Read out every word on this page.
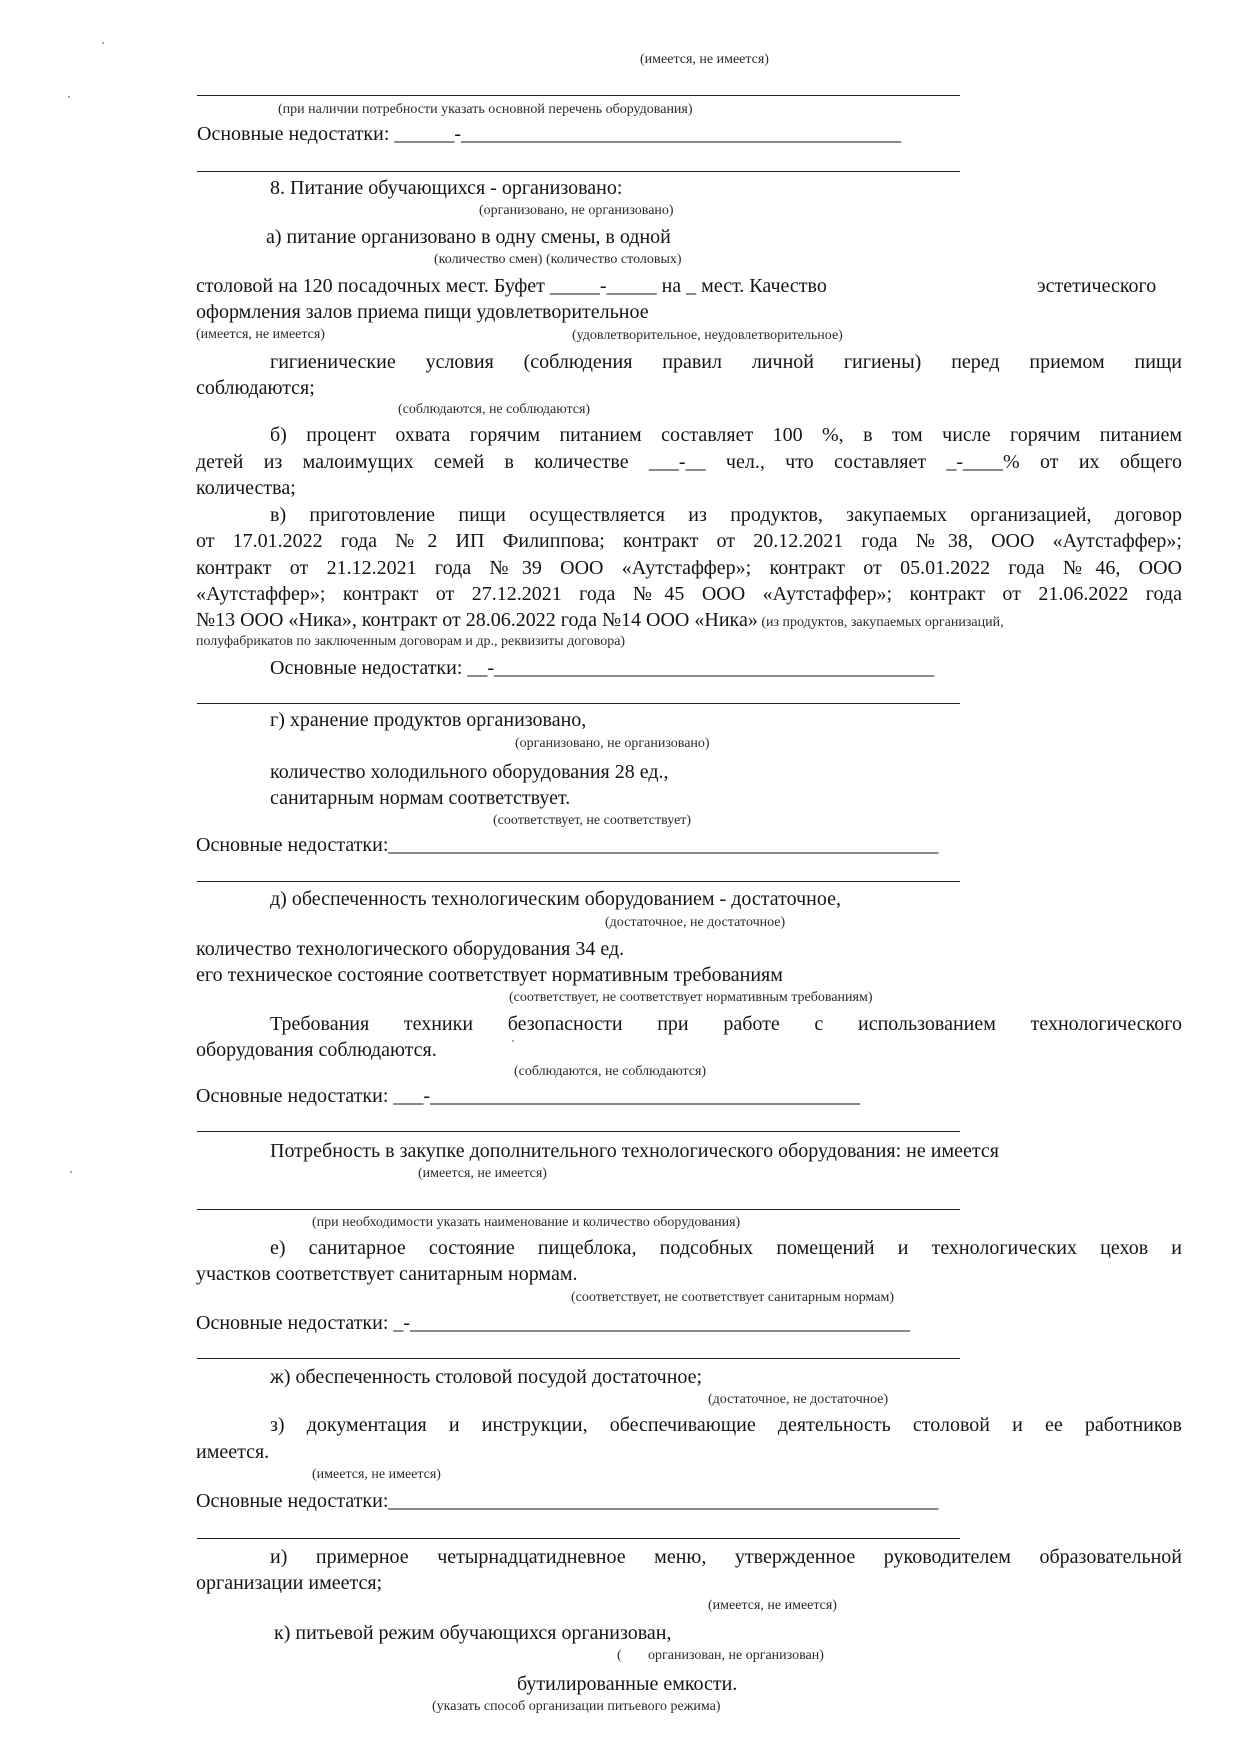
(имеется, не имеется)
(при наличии потребности указать основной перечень оборудования)
Основные недостатки: ______-____________________________________________
8. Питание обучающихся - организовано:
(организовано, не организовано)
а) питание организовано в одну смены, в одной
(количество смен) (количество столовых)
столовой на 120 посадочных мест. Буфет _____-_____ на _ мест. Качество	эстетического
оформления залов приема пищи удовлетворительное
(имеется, не имеется)	(удовлетворительное, неудовлетворительное)
гигиенические условия (соблюдения правил личной гигиены) перед приемом пищи
соблюдаются;
(соблюдаются, не соблюдаются)
б) процент охвата горячим питанием составляет 100 %, в том числе горячим питанием
детей из малоимущих семей в количестве ___-__ чел., что составляет _-____% от их общего
количества;
в) приготовление пищи осуществляется из продуктов, закупаемых организацией, договор
от 17.01.2022 года №2 ИП Филиппова; контракт от 20.12.2021 года №38, ООО «Аутстаффер»;
контракт от 21.12.2021 года №39 ООО «Аутстаффер»; контракт от 05.01.2022 года №46, ООО
«Аутстаффер»; контракт от 27.12.2021 года №45 ООО «Аутстаффер»; контракт от 21.06.2022 года
№13 ООО «Ника», контракт от 28.06.2022 года №14 ООО «Ника» (из продуктов, закупаемых организаций,
полуфабрикатов по заключенным договорам и др., реквизиты договора)
Основные недостатки: __-____________________________________________
г) хранение продуктов организовано,
(организовано, не организовано)
количество холодильного оборудования 28 ед.,
санитарным нормам соответствует.
(соответствует, не соответствует)
Основные недостатки:_______________________________________________________
д) обеспеченность технологическим оборудованием - достаточное,
(достаточное, не достаточное)
количество технологического оборудования 34 ед.
его техническое состояние соответствует нормативным требованиям
(соответствует, не соответствует нормативным требованиям)
Требования техники безопасности при работе с использованием технологического
оборудования соблюдаются.
(соблюдаются, не соблюдаются)
Основные недостатки: ___-___________________________________________
Потребность в закупке дополнительного технологического оборудования: не имеется
(имеется, не имеется)
(при необходимости указать наименование и количество оборудования)
е) санитарное состояние пищеблока, подсобных помещений и технологических цехов и
участков соответствует санитарным нормам.
(соответствует, не соответствует санитарным нормам)
Основные недостатки: _-__________________________________________________
ж) обеспеченность столовой посудой достаточное;
(достаточное, не достаточное)
з) документация и инструкции, обеспечивающие деятельность столовой и ее работников
имеется.
(имеется, не имеется)
Основные недостатки:_______________________________________________________
и) примерное четырнадцатидневное меню, утвержденное руководителем образовательной
организации имеется;
(имеется, не имеется)
к) питьевой режим обучающихся организован,
( организован, не организован)
бутилированные емкости.
(указать способ организации питьевого режима)
